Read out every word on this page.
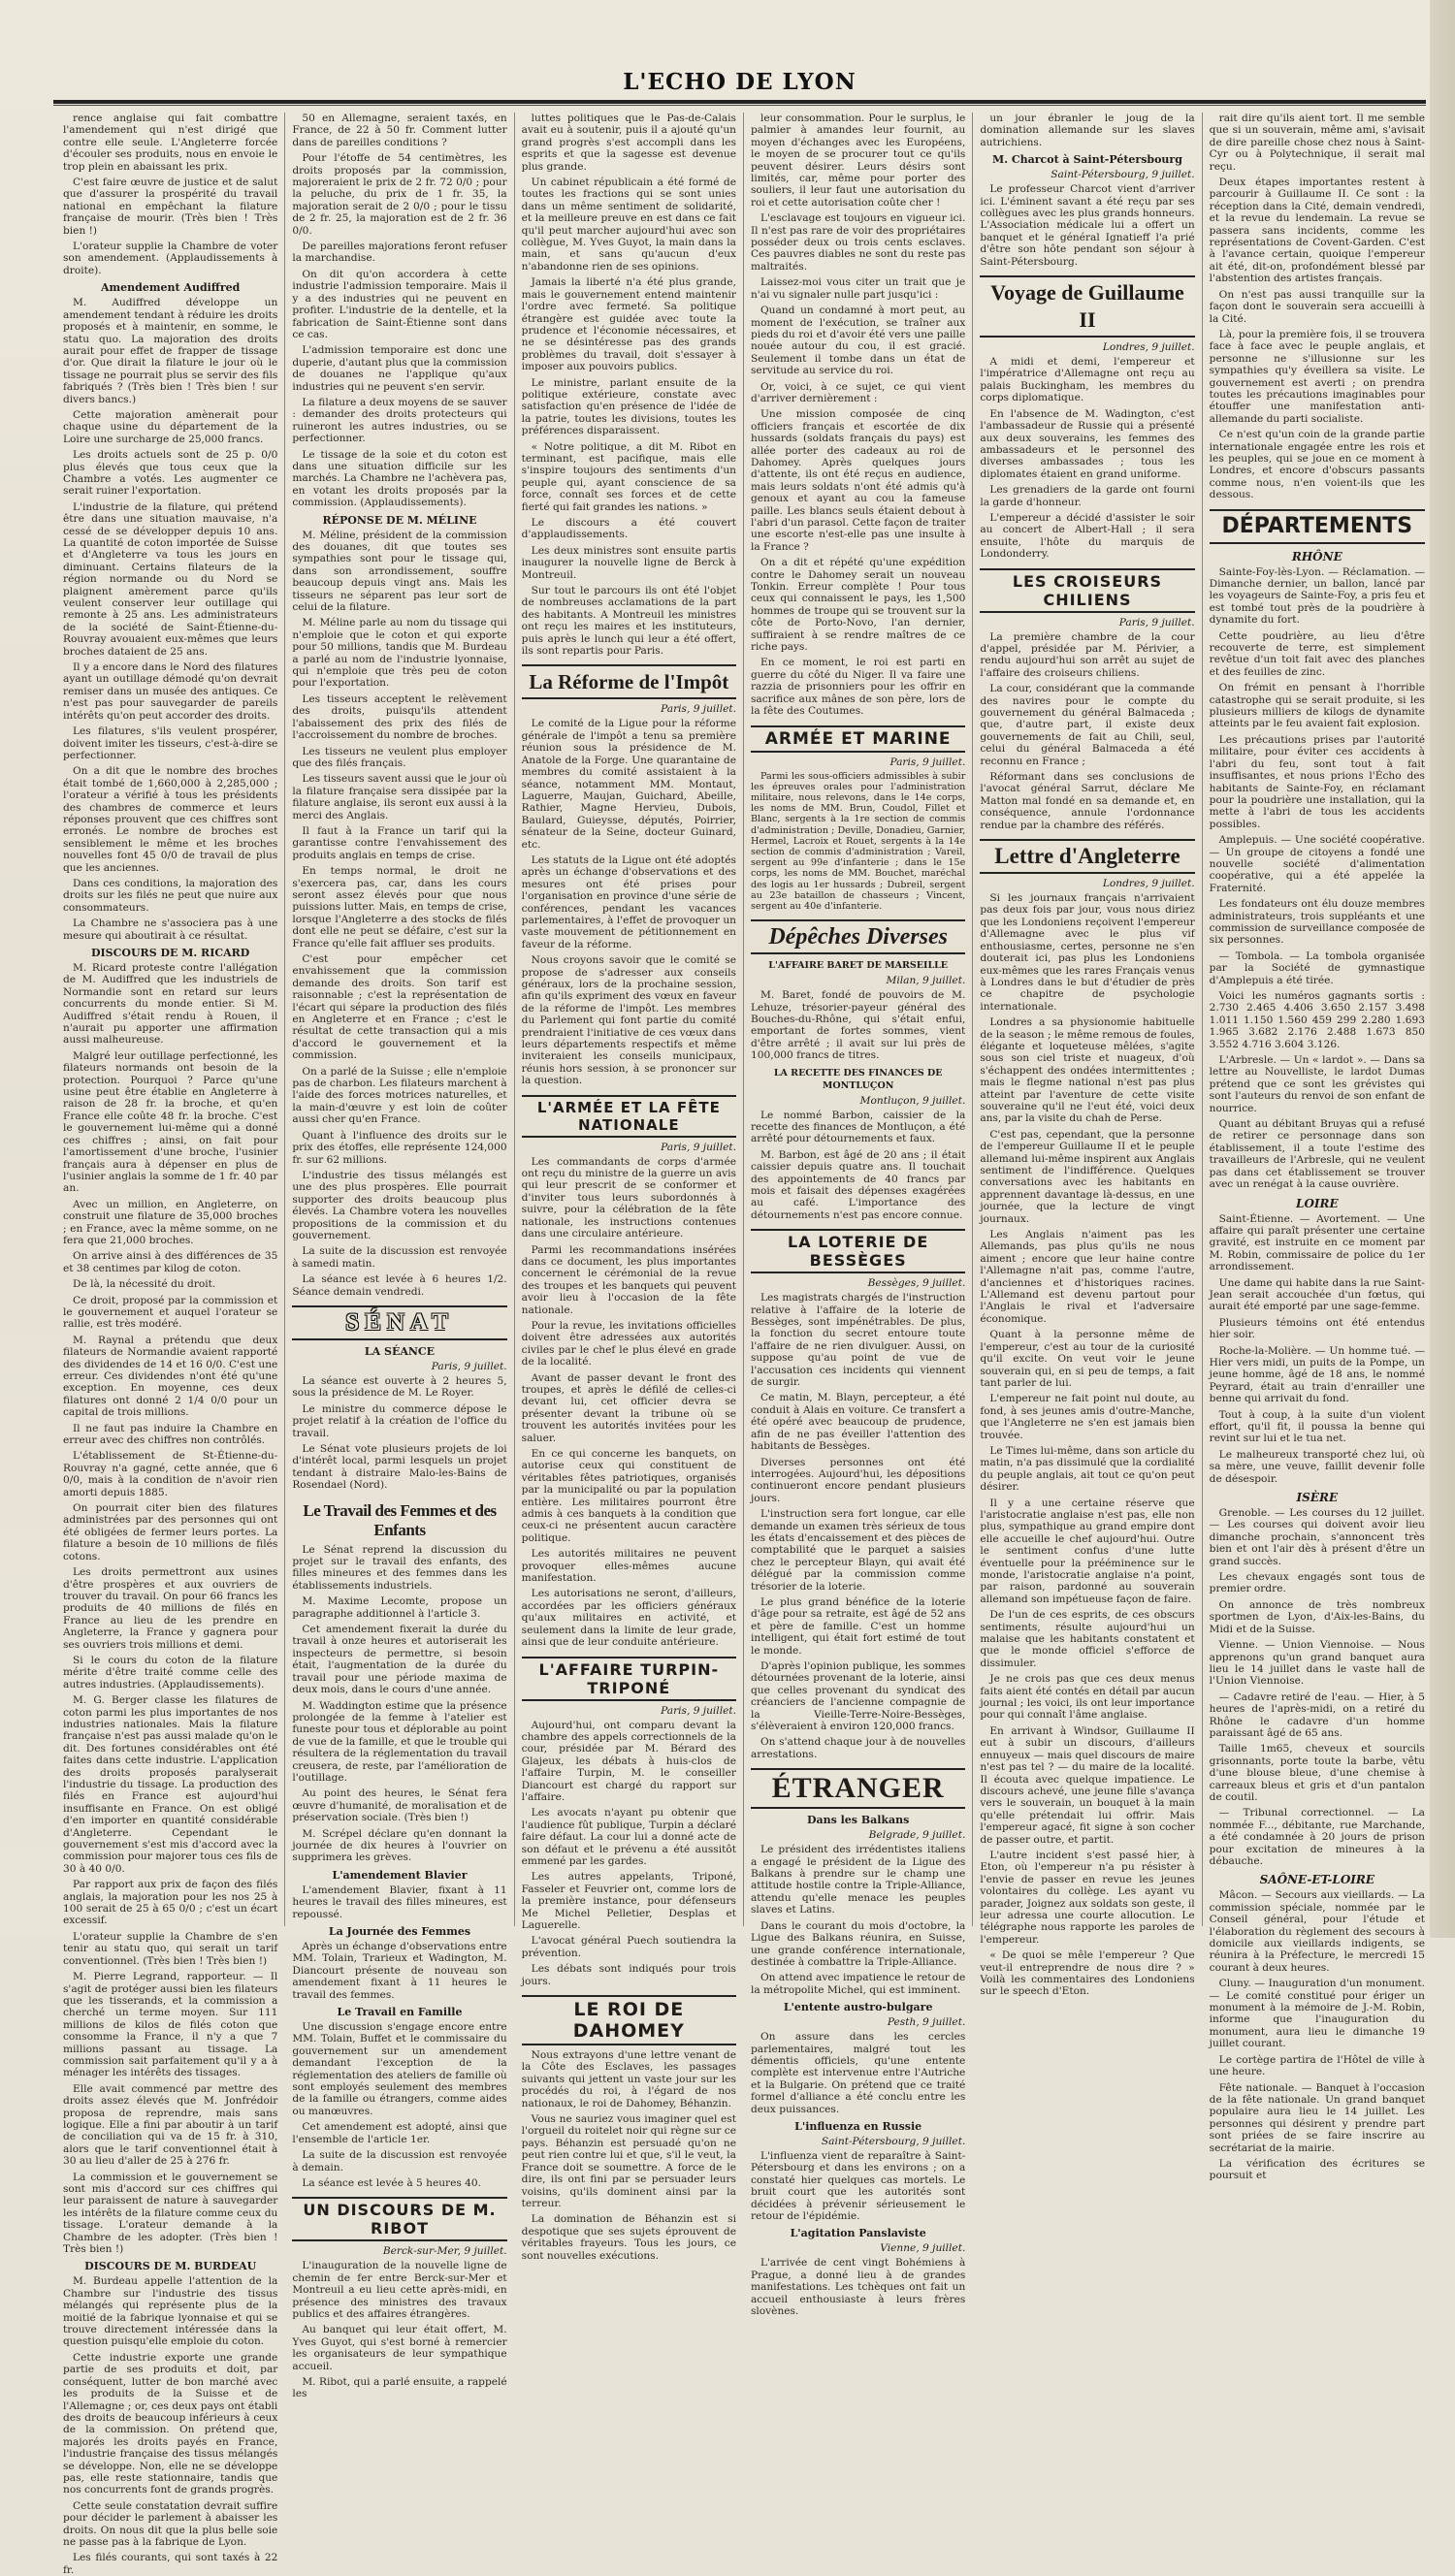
L'ECHO DE LYON

rence anglaise qui fait combattre l'amendement qui n'est dirigé que contre elle seule. L'Angleterre forcée d'écouler ses produits, nous en envoie le trop plein en abaissant les prix.

C'est faire œuvre de justice et de salut que d'assurer la prospérité du travail national en empêchant la filature française de mourir. (Très bien ! Très bien !)

L'orateur supplie la Chambre de voter son amendement. (Applaudissements à droite).

Amendement Audiffred

M. Audiffred développe un amendement tendant à réduire les droits proposés et à maintenir, en somme, le statu quo. La majoration des droits aurait pour effet de frapper de tissage d'or. Que dirait la filature le jour où le tissage ne pourrait plus se servir des fils fabriqués ? (Très bien ! Très bien ! sur divers bancs.)

Cette majoration amènerait pour chaque usine du département de la Loire une surcharge de 25,000 francs.

Les droits actuels sont de 25 p. 0/0 plus élevés que tous ceux que la Chambre a votés. Les augmenter ce serait ruiner l'exportation.

L'industrie de la filature, qui prétend être dans une situation mauvaise, n'a cessé de se développer depuis 10 ans. La quantité de coton importée de Suisse et d'Angleterre va tous les jours en diminuant. Certains filateurs de la région normande ou du Nord se plaignent amèrement parce qu'ils veulent conserver leur outillage qui remonte à 25 ans. Les administrateurs de la société de Saint-Étienne-du-Rouvray avouaient eux-mêmes que leurs broches dataient de 25 ans.

Il y a encore dans le Nord des filatures ayant un outillage démodé qu'on devrait remiser dans un musée des antiques. Ce n'est pas pour sauvegarder de pareils intérêts qu'on peut accorder des droits.

Les filatures, s'ils veulent prospérer, doivent imiter les tisseurs, c'est-à-dire se perfectionner.

On a dit que le nombre des broches était tombé de 1,660,000 à 2,285,000 ; l'orateur a vérifié à tous les présidents des chambres de commerce et leurs réponses prouvent que ces chiffres sont erronés. Le nombre de broches est sensiblement le même et les broches nouvelles font 45 0/0 de travail de plus que les anciennes.

Dans ces conditions, la majoration des droits sur les filés ne peut que nuire aux consommateurs.

La Chambre ne s'associera pas à une mesure qui aboutirait à ce résultat.

DISCOURS DE M. RICARD

M. Ricard proteste contre l'allégation de M. Audiffred que les industriels de Normandie sont en retard sur leurs concurrents du monde entier. Si M. Audiffred s'était rendu à Rouen, il n'aurait pu apporter une affirmation aussi malheureuse.

Malgré leur outillage perfectionné, les filateurs normands ont besoin de la protection. Pourquoi ? Parce qu'une usine peut être établie en Angleterre à raison de 28 fr. la broche, et qu'en France elle coûte 48 fr. la broche. C'est le gouvernement lui-même qui a donné ces chiffres ; ainsi, on fait pour l'amortissement d'une broche, l'usinier français aura à dépenser en plus de l'usinier anglais la somme de 1 fr. 40 par an.

Avec un million, en Angleterre, on construit une filature de 35,000 broches ; en France, avec la même somme, on ne fera que 21,000 broches.

On arrive ainsi à des différences de 35 et 38 centimes par kilog de coton.

De là, la nécessité du droit.

Ce droit, proposé par la commission et le gouvernement et auquel l'orateur se rallie, est très modéré.

M. Raynal a prétendu que deux filateurs de Normandie avaient rapporté des dividendes de 14 et 16 0/0. C'est une erreur. Ces dividendes n'ont été qu'une exception. En moyenne, ces deux filatures ont donné 2 1/4 0/0 pour un capital de trois millions.

Il ne faut pas induire la Chambre en erreur avec des chiffres non contrôlés.

L'établissement de St-Étienne-du-Rouvray n'a gagné, cette année, que 6 0/0, mais à la condition de n'avoir rien amorti depuis 1885.

On pourrait citer bien des filatures administrées par des personnes qui ont été obligées de fermer leurs portes. La filature a besoin de 10 millions de filés cotons.

Les droits permettront aux usines d'être prospères et aux ouvriers de trouver du travail. On pour 66 francs les produits de 40 millions de filés en France au lieu de les prendre en Angleterre, la France y gagnera pour ses ouvriers trois millions et demi.

Si le cours du coton de la filature mérite d'être traité comme celle des autres industries. (Applaudissements).

M. G. Berger classe les filatures de coton parmi les plus importantes de nos industries nationales. Mais la filature française n'est pas aussi malade qu'on le dit. Des fortunes considérables ont été faites dans cette industrie. L'application des droits proposés paralyserait l'industrie du tissage. La production des filés en France est aujourd'hui insuffisante en France. On est obligé d'en importer en quantité considérable d'Angleterre. Cependant le gouvernement s'est mis d'accord avec la commission pour majorer tous ces fils de 30 à 40 0/0.

Par rapport aux prix de façon des filés anglais, la majoration pour les nos 25 à 100 serait de 25 à 65 0/0 ; c'est un écart excessif.

L'orateur supplie la Chambre de s'en tenir au statu quo, qui serait un tarif conventionnel. (Très bien ! Très bien !)

M. Pierre Legrand, rapporteur. — Il s'agit de protéger aussi bien les filateurs que les tisserands, et la commission a cherché un terme moyen. Sur 111 millions de kilos de filés coton que consomme la France, il n'y a que 7 millions passant au tissage. La commission sait parfaitement qu'il y a à ménager les intérêts des tissages.

Elle avait commencé par mettre des droits assez élevés que M. Jonfrédoir proposa de reprendre, mais sans logique. Elle a fini par aboutir à un tarif de conciliation qui va de 15 fr. à 310, alors que le tarif conventionnel était à 30 au lieu d'aller de 25 à 276 fr.

La commission et le gouvernement se sont mis d'accord sur ces chiffres qui leur paraissent de nature à sauvegarder les intérêts de la filature comme ceux du tissage. L'orateur demande à la Chambre de les adopter. (Très bien ! Très bien !)

DISCOURS DE M. BURDEAU

M. Burdeau appelle l'attention de la Chambre sur l'industrie des tissus mélangés qui représente plus de la moitié de la fabrique lyonnaise et qui se trouve directement intéressée dans la question puisqu'elle emploie du coton.

Cette industrie exporte une grande partie de ses produits et doit, par conséquent, lutter de bon marché avec les produits de la Suisse et de l'Allemagne ; or, ces deux pays ont établi des droits de beaucoup inférieurs à ceux de la commission. On prétend que, majorés les droits payés en France, l'industrie française des tissus mélangés se développe. Non, elle ne se développe pas, elle reste stationnaire, tandis que nos concurrents font de grands progrès.

Cette seule constatation devrait suffire pour décider le parlement à abaisser les droits. On nous dit que la plus belle soie ne passe pas à la fabrique de Lyon.

Les filés courants, qui sont taxés à 22 fr.

50 en Allemagne, seraient taxés, en France, de 22 à 50 fr. Comment lutter dans de pareilles conditions ?

Pour l'étoffe de 54 centimètres, les droits proposés par la commission, majoreraient le prix de 2 fr. 72 0/0 ; pour la peluche, du prix de 1 fr. 35, la majoration serait de 2 0/0 ; pour le tissu de 2 fr. 25, la majoration est de 2 fr. 36 0/0.

De pareilles majorations feront refuser la marchandise.

On dit qu'on accordera à cette industrie l'admission temporaire. Mais il y a des industries qui ne peuvent en profiter. L'industrie de la dentelle, et la fabrication de Saint-Étienne sont dans ce cas.

L'admission temporaire est donc une duperie, d'autant plus que la commission de douanes ne l'applique qu'aux industries qui ne peuvent s'en servir.

La filature a deux moyens de se sauver : demander des droits protecteurs qui ruineront les autres industries, ou se perfectionner.

Le tissage de la soie et du coton est dans une situation difficile sur les marchés. La Chambre ne l'achèvera pas, en votant les droits proposés par la commission. (Applaudissements).

RÉPONSE DE M. MÉLINE

M. Méline, président de la commission des douanes, dit que toutes ses sympathies sont pour le tissage qui, dans son arrondissement, souffre beaucoup depuis vingt ans. Mais les tisseurs ne séparent pas leur sort de celui de la filature.

M. Méline parle au nom du tissage qui n'emploie que le coton et qui exporte pour 50 millions, tandis que M. Burdeau a parlé au nom de l'industrie lyonnaise, qui n'emploie que très peu de coton pour l'exportation.

Les tisseurs acceptent le relèvement des droits, puisqu'ils attendent l'abaissement des prix des filés de l'accroissement du nombre de broches.

Les tisseurs ne veulent plus employer que des filés français.

Les tisseurs savent aussi que le jour où la filature française sera dissipée par la filature anglaise, ils seront eux aussi à la merci des Anglais.

Il faut à la France un tarif qui la garantisse contre l'envahissement des produits anglais en temps de crise.

En temps normal, le droit ne s'exercera pas, car, dans les cours seront assez élevés pour que nous puissions lutter. Mais, en temps de crise, lorsque l'Angleterre a des stocks de filés dont elle ne peut se défaire, c'est sur la France qu'elle fait affluer ses produits.

C'est pour empêcher cet envahissement que la commission demande des droits. Son tarif est raisonnable ; c'est la représentation de l'écart qui sépare la production des filés en Angleterre et en France ; c'est le résultat de cette transaction qui a mis d'accord le gouvernement et la commission.

On a parlé de la Suisse ; elle n'emploie pas de charbon. Les filateurs marchent à l'aide des forces motrices naturelles, et la main-d'œuvre y est loin de coûter aussi cher qu'en France.

Quant à l'influence des droits sur le prix des étoffes, elle représente 124,000 fr. sur 62 millions.

L'industrie des tissus mélangés est une des plus prospères. Elle pourrait supporter des droits beaucoup plus élevés. La Chambre votera les nouvelles propositions de la commission et du gouvernement.

La suite de la discussion est renvoyée à samedi matin.

La séance est levée à 6 heures 1/2. Séance demain vendredi.

SÉNAT
LA SÉANCE

Paris, 9 juillet.

La séance est ouverte à 2 heures 5, sous la présidence de M. Le Royer.

Le ministre du commerce dépose le projet relatif à la création de l'office du travail.

Le Sénat vote plusieurs projets de loi d'intérêt local, parmi lesquels un projet tendant à distraire Malo-les-Bains de Rosendael (Nord).

Le Travail des Femmes et des Enfants

Le Sénat reprend la discussion du projet sur le travail des enfants, des filles mineures et des femmes dans les établissements industriels.

M. Maxime Lecomte, propose un paragraphe additionnel à l'article 3.

Cet amendement fixerait la durée du travail à onze heures et autoriserait les inspecteurs de permettre, si besoin était, l'augmentation de la durée du travail pour une période maxima de deux mois, dans le cours d'une année.

M. Waddington estime que la présence prolongée de la femme à l'atelier est funeste pour tous et déplorable au point de vue de la famille, et que le trouble qui résultera de la réglementation du travail creusera, de reste, par l'amélioration de l'outillage.

Au point des heures, le Sénat fera œuvre d'humanité, de moralisation et de préservation sociale. (Très bien !)

M. Scrépel déclare qu'en donnant la journée de dix heures à l'ouvrier on supprimera les grèves.

L'amendement Blavier

L'amendement Blavier, fixant à 11 heures le travail des filles mineures, est repoussé.

La Journée des Femmes

Après un échange d'observations entre MM. Tolain, Trarieux et Wadington, M. Diancourt présente de nouveau son amendement fixant à 11 heures le travail des femmes.

Le Travail en Famille

Une discussion s'engage encore entre MM. Tolain, Buffet et le commissaire du gouvernement sur un amendement demandant l'exception de la réglementation des ateliers de famille où sont employés seulement des membres de la famille ou étrangers, comme aides ou manœuvres.

Cet amendement est adopté, ainsi que l'ensemble de l'article 1er.

La suite de la discussion est renvoyée à demain.

La séance est levée à 5 heures 40.

UN DISCOURS DE M. RIBOT

Berck-sur-Mer, 9 juillet.

L'inauguration de la nouvelle ligne de chemin de fer entre Berck-sur-Mer et Montreuil a eu lieu cette après-midi, en présence des ministres des travaux publics et des affaires étrangères.

Au banquet qui leur était offert, M. Yves Guyot, qui s'est borné à remercier les organisateurs de leur sympathique accueil.

M. Ribot, qui a parlé ensuite, a rappelé les

luttes politiques que le Pas-de-Calais avait eu à soutenir, puis il a ajouté qu'un grand progrès s'est accompli dans les esprits et que la sagesse est devenue plus grande.

Un cabinet républicain a été formé de toutes les fractions qui se sont unies dans un même sentiment de solidarité, et la meilleure preuve en est dans ce fait qu'il peut marcher aujourd'hui avec son collègue, M. Yves Guyot, la main dans la main, et sans qu'aucun d'eux n'abandonne rien de ses opinions.

Jamais la liberté n'a été plus grande, mais le gouvernement entend maintenir l'ordre avec fermeté. Sa politique étrangère est guidée avec toute la prudence et l'économie nécessaires, et ne se désintéresse pas des grands problèmes du travail, doit s'essayer à imposer aux pouvoirs publics.

Le ministre, parlant ensuite de la politique extérieure, constate avec satisfaction qu'en présence de l'idée de la patrie, toutes les divisions, toutes les préférences disparaissent.

« Notre politique, a dit M. Ribot en terminant, est pacifique, mais elle s'inspire toujours des sentiments d'un peuple qui, ayant conscience de sa force, connaît ses forces et de cette fierté qui fait grandes les nations. »

Le discours a été couvert d'applaudissements.

Les deux ministres sont ensuite partis inaugurer la nouvelle ligne de Berck à Montreuil.

Sur tout le parcours ils ont été l'objet de nombreuses acclamations de la part des habitants. A Montreuil les ministres ont reçu les maires et les instituteurs, puis après le lunch qui leur a été offert, ils sont repartis pour Paris.

La Réforme de l'Impôt

Paris, 9 juillet.

Le comité de la Ligue pour la réforme générale de l'impôt a tenu sa première réunion sous la présidence de M. Anatole de la Forge. Une quarantaine de membres du comité assistaient à la séance, notamment MM. Montaut, Laguerre, Maujan, Guichard, Abeille, Rathier, Magne Hervieu, Dubois, Baulard, Guieysse, députés, Poirrier, sénateur de la Seine, docteur Guinard, etc.

Les statuts de la Ligue ont été adoptés après un échange d'observations et des mesures ont été prises pour l'organisation en province d'une série de conférences, pendant les vacances parlementaires, à l'effet de provoquer un vaste mouvement de pétitionnement en faveur de la réforme.

Nous croyons savoir que le comité se propose de s'adresser aux conseils généraux, lors de la prochaine session, afin qu'ils expriment des vœux en faveur de la réforme de l'impôt. Les membres du Parlement qui font partie du comité prendraient l'initiative de ces vœux dans leurs départements respectifs et même inviteraient les conseils municipaux, réunis hors session, à se prononcer sur la question.

L'ARMÉE ET LA FÊTE NATIONALE

Paris, 9 juillet.

Les commandants de corps d'armée ont reçu du ministre de la guerre un avis qui leur prescrit de se conformer et d'inviter tous leurs subordonnés à suivre, pour la célébration de la fête nationale, les instructions contenues dans une circulaire antérieure.

Parmi les recommandations insérées dans ce document, les plus importantes concernent le cérémonial de la revue des troupes et les banquets qui peuvent avoir lieu à l'occasion de la fête nationale.

Pour la revue, les invitations officielles doivent être adressées aux autorités civiles par le chef le plus élevé en grade de la localité.

Avant de passer devant le front des troupes, et après le défilé de celles-ci devant lui, cet officier devra se présenter devant la tribune où se trouvent les autorités invitées pour les saluer.

En ce qui concerne les banquets, on autorise ceux qui constituent de véritables fêtes patriotiques, organisés par la municipalité ou par la population entière. Les militaires pourront être admis à ces banquets à la condition que ceux-ci ne présentent aucun caractère politique.

Les autorités militaires ne peuvent provoquer elles-mêmes aucune manifestation.

Les autorisations ne seront, d'ailleurs, accordées par les officiers généraux qu'aux militaires en activité, et seulement dans la limite de leur grade, ainsi que de leur conduite antérieure.

L'AFFAIRE TURPIN-TRIPONÉ

Paris, 9 juillet.

Aujourd'hui, ont comparu devant la chambre des appels correctionnels de la cour, présidée par M. Bérard des Glajeux, les débats à huis-clos de l'affaire Turpin, M. le conseiller Diancourt est chargé du rapport sur l'affaire.

Les avocats n'ayant pu obtenir que l'audience fût publique, Turpin a déclaré faire défaut. La cour lui a donné acte de son défaut et le prévenu a été aussitôt emmené par les gardes.

Les autres appelants, Triponé, Fasseler et Feuvrier ont, comme lors de la première instance, pour défenseurs Me Michel Pelletier, Desplas et Laguerelle.

L'avocat général Puech soutiendra la prévention.

Les débats sont indiqués pour trois jours.

LE ROI DE DAHOMEY

Nous extrayons d'une lettre venant de la Côte des Esclaves, les passages suivants qui jettent un vaste jour sur les procédés du roi, à l'égard de nos nationaux, le roi de Dahomey, Béhanzin.

Vous ne sauriez vous imaginer quel est l'orgueil du roitelet noir qui règne sur ce pays. Béhanzin est persuadé qu'on ne peut rien contre lui et que, s'il le veut, la France doit se soumettre. A force de le dire, ils ont fini par se persuader leurs voisins, qu'ils dominent ainsi par la terreur.

La domination de Béhanzin est si despotique que ses sujets éprouvent de véritables frayeurs. Tous les jours, ce sont nouvelles exécutions.

leur consommation. Pour le surplus, le palmier à amandes leur fournit, au moyen d'échanges avec les Européens, le moyen de se procurer tout ce qu'ils peuvent désirer. Leurs désirs sont limités, car, même pour porter des souliers, il leur faut une autorisation du roi et cette autorisation coûte cher !

L'esclavage est toujours en vigueur ici. Il n'est pas rare de voir des propriétaires posséder deux ou trois cents esclaves. Ces pauvres diables ne sont du reste pas maltraités.

Laissez-moi vous citer un trait que je n'ai vu signaler nulle part jusqu'ici :

Quand un condamné à mort peut, au moment de l'exécution, se traîner aux pieds du roi et d'avoir été vers une paille nouée autour du cou, il est gracié. Seulement il tombe dans un état de servitude au service du roi.

Or, voici, à ce sujet, ce qui vient d'arriver dernièrement :

Une mission composée de cinq officiers français et escortée de dix hussards (soldats français du pays) est allée porter des cadeaux au roi de Dahomey. Après quelques jours d'attente, ils ont été reçus en audience, mais leurs soldats n'ont été admis qu'à genoux et ayant au cou la fameuse paille. Les blancs seuls étaient debout à l'abri d'un parasol. Cette façon de traiter une escorte n'est-elle pas une insulte à la France ?

On a dit et répété qu'une expédition contre le Dahomey serait un nouveau Tonkin. Erreur complète ! Pour tous ceux qui connaissent le pays, les 1,500 hommes de troupe qui se trouvent sur la côte de Porto-Novo, l'an dernier, suffiraient à se rendre maîtres de ce riche pays.

En ce moment, le roi est parti en guerre du côté du Niger. Il va faire une razzia de prisonniers pour les offrir en sacrifice aux mânes de son père, lors de la fête des Coutumes.

ARMÉE ET MARINE

Paris, 9 juillet.

Parmi les sous-officiers admissibles à subir les épreuves orales pour l'administration militaire, nous relevons, dans le 14e corps, les noms de MM. Brun, Coudol, Fillet et Blanc, sergents à la 1re section de commis d'administration ; Deville, Donadieu, Garnier, Hermel, Lacroix et Rouet, sergents à la 14e section de commis d'administration ; Vareil, sergent au 99e d'infanterie ; dans le 15e corps, les noms de MM. Bouchet, maréchal des logis au 1er hussards ; Dubreil, sergent au 23e bataillon de chasseurs ; Vincent, sergent au 40e d'infanterie.

Dépêches Diverses
L'AFFAIRE BARET DE MARSEILLE

Milan, 9 juillet.

M. Baret, fondé de pouvoirs de M. Lehuze, trésorier-payeur général des Bouches-du-Rhône, qui s'était enfui, emportant de fortes sommes, vient d'être arrêté ; il avait sur lui près de 100,000 francs de titres.

LA RECETTE DES FINANCES DE MONTLUÇON

Montluçon, 9 juillet.

Le nommé Barbon, caissier de la recette des finances de Montluçon, a été arrêté pour détournements et faux.

M. Barbon, est âgé de 20 ans ; il était caissier depuis quatre ans. Il touchait des appointements de 40 francs par mois et faisait des dépenses exagérées au café. L'importance des détournements n'est pas encore connue.

LA LOTERIE DE BESSÈGES

Bessèges, 9 juillet.

Les magistrats chargés de l'instruction relative à l'affaire de la loterie de Bessèges, sont impénétrables. De plus, la fonction du secret entoure toute l'affaire de ne rien divulguer. Aussi, on suppose qu'au point de vue de l'accusation ces incidents qui viennent de surgir.

Ce matin, M. Blayn, percepteur, a été conduit à Alais en voiture. Ce transfert a été opéré avec beaucoup de prudence, afin de ne pas éveiller l'attention des habitants de Bessèges.

Diverses personnes ont été interrogées. Aujourd'hui, les dépositions continueront encore pendant plusieurs jours.

L'instruction sera fort longue, car elle demande un examen très sérieux de tous les états d'encaissement et des pièces de comptabilité que le parquet a saisies chez le percepteur Blayn, qui avait été délégué par la commission comme trésorier de la loterie.

Le plus grand bénéfice de la loterie d'âge pour sa retraite, est âgé de 52 ans et père de famille. C'est un homme intelligent, qui était fort estimé de tout le monde.

D'après l'opinion publique, les sommes détournées provenant de la loterie, ainsi que celles provenant du syndicat des créanciers de l'ancienne compagnie de la Vieille-Terre-Noire-Bessèges, s'élèveraient à environ 120,000 francs.

On s'attend chaque jour à de nouvelles arrestations.

ÉTRANGER
Dans les Balkans

Belgrade, 9 juillet.

Le président des irrédentistes italiens a engagé le président de la Ligue des Balkans à prendre sur le champ une attitude hostile contre la Triple-Alliance, attendu qu'elle menace les peuples slaves et Latins.

Dans le courant du mois d'octobre, la Ligue des Balkans réunira, en Suisse, une grande conférence internationale, destinée à combattre la Triple-Alliance.

On attend avec impatience le retour de la métropolite Michel, qui est imminent.

L'entente austro-bulgare

Pesth, 9 juillet.

On assure dans les cercles parlementaires, malgré tout les démentis officiels, qu'une entente complète est intervenue entre l'Autriche et la Bulgarie. On prétend que ce traité formel d'alliance a été conclu entre les deux puissances.

L'influenza en Russie

Saint-Pétersbourg, 9 juillet.

L'influenza vient de reparaître à Saint-Pétersbourg et dans les environs ; on a constaté hier quelques cas mortels. Le bruit court que les autorités sont décidées à prévenir sérieusement le retour de l'épidémie.

L'agitation Panslaviste

Vienne, 9 juillet.

L'arrivée de cent vingt Bohémiens à Prague, a donné lieu à de grandes manifestations. Les tchèques ont fait un accueil enthousiaste à leurs frères slovènes.

un jour ébranler le joug de la domination allemande sur les slaves autrichiens.

M. Charcot à Saint-Pétersbourg

Saint-Pétersbourg, 9 juillet.

Le professeur Charcot vient d'arriver ici. L'éminent savant a été reçu par ses collègues avec les plus grands honneurs. L'Association médicale lui a offert un banquet et le général Ignatieff l'a prié d'être son hôte pendant son séjour à Saint-Pétersbourg.

Voyage de Guillaume II

Londres, 9 juillet.

A midi et demi, l'empereur et l'impératrice d'Allemagne ont reçu au palais Buckingham, les membres du corps diplomatique.

En l'absence de M. Wadington, c'est l'ambassadeur de Russie qui a présenté aux deux souverains, les femmes des ambassadeurs et le personnel des diverses ambassades ; tous les diplomates étaient en grand uniforme.

Les grenadiers de la garde ont fourni la garde d'honneur.

L'empereur a décidé d'assister le soir au concert de Albert-Hall ; il sera ensuite, l'hôte du marquis de Londonderry.

LES CROISEURS CHILIENS

Paris, 9 juillet.

La première chambre de la cour d'appel, présidée par M. Périvier, a rendu aujourd'hui son arrêt au sujet de l'affaire des croiseurs chiliens.

La cour, considérant que la commande des navires pour le compte du gouvernement du général Balmaceda ; que, d'autre part, il existe deux gouvernements de fait au Chili, seul, celui du général Balmaceda a été reconnu en France ;

Réformant dans ses conclusions de l'avocat général Sarrut, déclare Me Matton mal fondé en sa demande et, en conséquence, annule l'ordonnance rendue par la chambre des référés.

Lettre d'Angleterre

Londres, 9 juillet.

Si les journaux français n'arrivaient pas deux fois par jour, vous nous diriez que les Londoniens reçoivent l'empereur d'Allemagne avec le plus vif enthousiasme, certes, personne ne s'en douterait ici, pas plus les Londoniens eux-mêmes que les rares Français venus à Londres dans le but d'étudier de près ce chapitre de psychologie internationale.

Londres a sa physionomie habituelle de la season ; le même remous de foules, élégante et loqueteuse mêlées, s'agite sous son ciel triste et nuageux, d'où s'échappent des ondées intermittentes ; mais le flegme national n'est pas plus atteint par l'aventure de cette visite souveraine qu'il ne l'eut été, voici deux ans, par la visite du chah de Perse.

C'est pas, cependant, que la personne de l'empereur Guillaume II et le peuple allemand lui-même inspirent aux Anglais sentiment de l'indifférence. Quelques conversations avec les habitants en apprennent davantage là-dessus, en une journée, que la lecture de vingt journaux.

Les Anglais n'aiment pas les Allemands, pas plus qu'ils ne nous aiment ; encore que leur haine contre l'Allemagne n'ait pas, comme l'autre, d'anciennes et d'historiques racines. L'Allemand est devenu partout pour l'Anglais le rival et l'adversaire économique.

Quant à la personne même de l'empereur, c'est au tour de la curiosité qu'il excite. On veut voir le jeune souverain qui, en si peu de temps, a fait tant parler de lui.

L'empereur ne fait point nul doute, au fond, à ses jeunes amis d'outre-Manche, que l'Angleterre ne s'en est jamais bien trouvée.

Le Times lui-même, dans son article du matin, n'a pas dissimulé que la cordialité du peuple anglais, ait tout ce qu'on peut désirer.

Il y a une certaine réserve que l'aristocratie anglaise n'est pas, elle non plus, sympathique au grand empire dont elle accueille le chef aujourd'hui. Outre le sentiment confus d'une lutte éventuelle pour la prééminence sur le monde, l'aristocratie anglaise n'a point, par raison, pardonné au souverain allemand son impétueuse façon de faire.

De l'un de ces esprits, de ces obscurs sentiments, résulte aujourd'hui un malaise que les habitants constatent et que le monde officiel s'efforce de dissimuler.

Je ne crois pas que ces deux menus faits aient été contés en détail par aucun journal ; les voici, ils ont leur importance pour qui connaît l'âme anglaise.

En arrivant à Windsor, Guillaume II eut à subir un discours, d'ailleurs ennuyeux — mais quel discours de maire n'est pas tel ? — du maire de la localité. Il écouta avec quelque impatience. Le discours achevé, une jeune fille s'avança vers le souverain, un bouquet à la main qu'elle prétendait lui offrir. Mais l'empereur agacé, fit signe à son cocher de passer outre, et partit.

L'autre incident s'est passé hier, à Eton, où l'empereur n'a pu résister à l'envie de passer en revue les jeunes volontaires du collège. Les ayant vu parader, Joignez aux soldats son geste, il leur adressa une courte allocution. Le télégraphe nous rapporte les paroles de l'empereur.

« De quoi se mêle l'empereur ? Que veut-il entreprendre de nous dire ? » Voilà les commentaires des Londoniens sur le speech d'Eton.

rait dire qu'ils aient tort. Il me semble que si un souverain, même ami, s'avisait de dire pareille chose chez nous à Saint-Cyr ou à Polytechnique, il serait mal reçu.

Deux étapes importantes restent à parcourir à Guillaume II. Ce sont : la réception dans la Cité, demain vendredi, et la revue du lendemain. La revue se passera sans incidents, comme les représentations de Covent-Garden. C'est à l'avance certain, quoique l'empereur ait été, dit-on, profondément blessé par l'abstention des artistes français.

On n'est pas aussi tranquille sur la façon dont le souverain sera accueilli à la Cité.

Là, pour la première fois, il se trouvera face à face avec le peuple anglais, et personne ne s'illusionne sur les sympathies qu'y éveillera sa visite. Le gouvernement est averti ; on prendra toutes les précautions imaginables pour étouffer une manifestation anti-allemande du parti socialiste.

Ce n'est qu'un coin de la grande partie internationale engagée entre les rois et les peuples, qui se joue en ce moment à Londres, et encore d'obscurs passants comme nous, n'en voient-ils que les dessous.

DÉPARTEMENTS
RHÔNE

Sainte-Foy-lès-Lyon. — Réclamation. — Dimanche dernier, un ballon, lancé par les voyageurs de Sainte-Foy, a pris feu et est tombé tout près de la poudrière à dynamite du fort.

Cette poudrière, au lieu d'être recouverte de terre, est simplement revêtue d'un toit fait avec des planches et des feuilles de zinc.

On frémit en pensant à l'horrible catastrophe qui se serait produite, si les plusieurs milliers de kilogs de dynamite atteints par le feu avaient fait explosion.

Les précautions prises par l'autorité militaire, pour éviter ces accidents à l'abri du feu, sont tout à fait insuffisantes, et nous prions l'Écho des habitants de Sainte-Foy, en réclamant pour la poudrière une installation, qui la mette à l'abri de tous les accidents possibles.

Amplepuis. — Une société coopérative. — Un groupe de citoyens a fondé une nouvelle société d'alimentation coopérative, qui a été appelée la Fraternité.

Les fondateurs ont élu douze membres administrateurs, trois suppléants et une commission de surveillance composée de six personnes.

— Tombola. — La tombola organisée par la Société de gymnastique d'Amplepuis a été tirée.

Voici les numéros gagnants sortis : 2.730 2.465 4.406 3.650 2.157 3.498 1.011 1.150 1.560 459 299 2.280 1.693 1.965 3.682 2.176 2.488 1.673 850 3.552 4.716 3.604 3.126.

L'Arbresle. — Un « lardot ». — Dans sa lettre au Nouvelliste, le lardot Dumas prétend que ce sont les grévistes qui sont l'auteurs du renvoi de son enfant de nourrice.

Quant au débitant Bruyas qui a refusé de retirer ce personnage dans son établissement, il a toute l'estime des travailleurs de l'Arbresle, qui ne veulent pas dans cet établissement se trouver avec un renégat à la cause ouvrière.

LOIRE

Saint-Étienne. — Avortement. — Une affaire qui paraît présenter une certaine gravité, est instruite en ce moment par M. Robin, commissaire de police du 1er arrondissement.

Une dame qui habite dans la rue Saint-Jean serait accouchée d'un fœtus, qui aurait été emporté par une sage-femme.

Plusieurs témoins ont été entendus hier soir.

Roche-la-Molière. — Un homme tué. — Hier vers midi, un puits de la Pompe, un jeune homme, âgé de 18 ans, le nommé Peyrard, était au train d'enrailler une benne qui arrivait du fond.

Tout à coup, à la suite d'un violent effort, qu'il fit, il poussa la benne qui revint sur lui et le tua net.

Le malheureux transporté chez lui, où sa mère, une veuve, faillit devenir folle de désespoir.

ISÈRE

Grenoble. — Les courses du 12 juillet. — Les courses qui doivent avoir lieu dimanche prochain, s'annoncent très bien et ont l'air dès à présent d'être un grand succès.

Les chevaux engagés sont tous de premier ordre.

On annonce de très nombreux sportmen de Lyon, d'Aix-les-Bains, du Midi et de la Suisse.

Vienne. — Union Viennoise. — Nous apprenons qu'un grand banquet aura lieu le 14 juillet dans le vaste hall de l'Union Viennoise.

— Cadavre retiré de l'eau. — Hier, à 5 heures de l'après-midi, on a retiré du Rhône le cadavre d'un homme paraissant âgé de 65 ans.

Taille 1m65, cheveux et sourcils grisonnants, porte toute la barbe, vêtu d'une blouse bleue, d'une chemise à carreaux bleus et gris et d'un pantalon de coutil.

— Tribunal correctionnel. — La nommée F..., débitante, rue Marchande, a été condamnée à 20 jours de prison pour excitation de mineures à la débauche.

SAÔNE-ET-LOIRE

Mâcon. — Secours aux vieillards. — La commission spéciale, nommée par le Conseil général, pour l'étude et l'élaboration du règlement des secours à domicile aux vieillards indigents, se réunira à la Préfecture, le mercredi 15 courant à deux heures.

Cluny. — Inauguration d'un monument. — Le comité constitué pour ériger un monument à la mémoire de J.-M. Robin, informe que l'inauguration du monument, aura lieu le dimanche 19 juillet courant.

Le cortège partira de l'Hôtel de ville à une heure.

Fête nationale. — Banquet à l'occasion de la fête nationale. Un grand banquet populaire aura lieu le 14 juillet. Les personnes qui désirent y prendre part sont priées de se faire inscrire au secrétariat de la mairie.

La vérification des écritures se poursuit et
